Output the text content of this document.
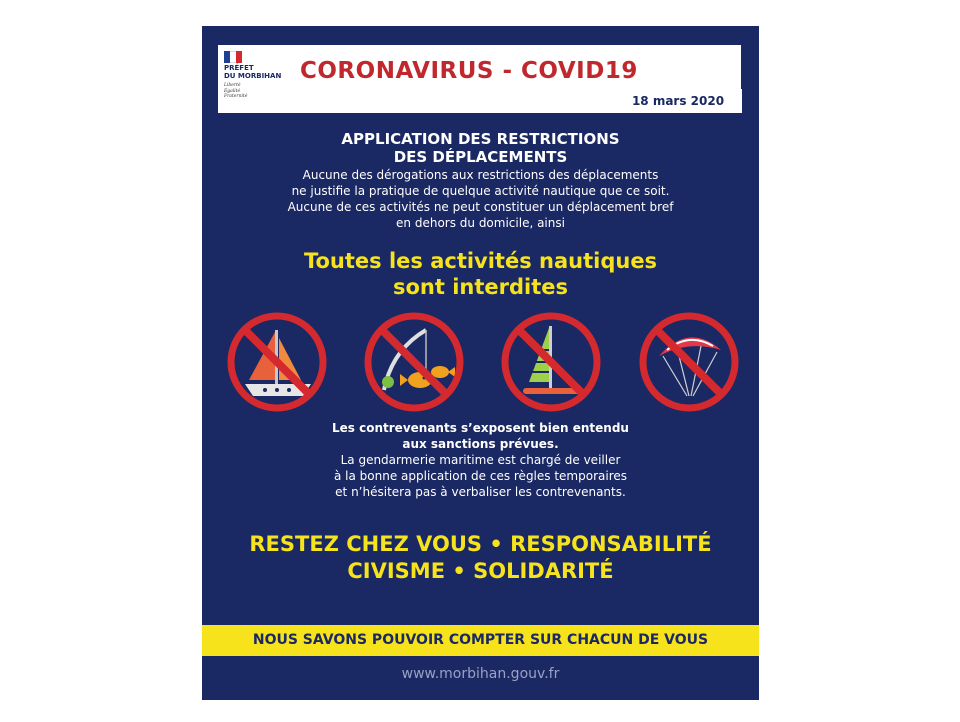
PRÉFET
DU MORBIHAN
Liberté
Égalité
Fraternité
CORONAVIRUS - COVID19
18 mars 2020
APPLICATION DES RESTRICTIONS
DES DÉPLACEMENTS
Aucune des dérogations aux restrictions des déplacements
ne justifie la pratique de quelque activité nautique que ce soit.
Aucune de ces activités ne peut constituer un déplacement bref
en dehors du domicile, ainsi
Toutes les activités nautiques
sont interdites
Les contrevenants s’exposent bien entendu
aux sanctions prévues.
La gendarmerie maritime est chargé de veiller
à la bonne application de ces règles temporaires
et n’hésitera pas à verbaliser les contrevenants.
RESTEZ CHEZ VOUS • RESPONSABILITÉ
CIVISME • SOLIDARITÉ
NOUS SAVONS POUVOIR COMPTER SUR CHACUN DE VOUS
www.morbihan.gouv.fr
